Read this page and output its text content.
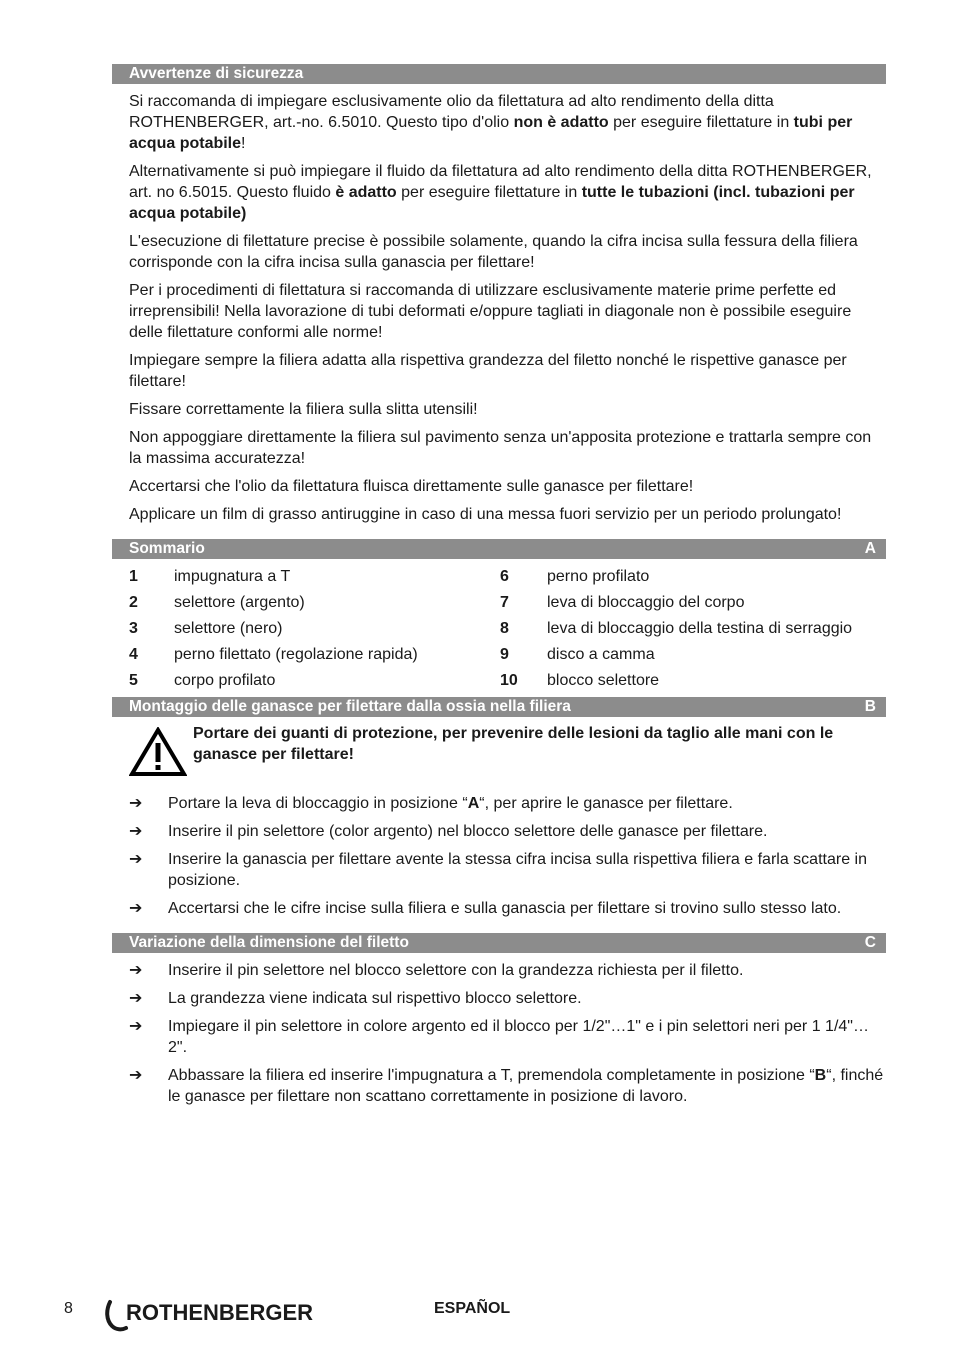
Avvertenze di sicurezza

Si raccomanda di impiegare esclusivamente olio da filettatura ad alto rendimento della ditta ROTHENBERGER, art.-no. 6.5010. Questo tipo d'olio non è adatto per eseguire filettature in tubi per acqua potabile!

Alternativamente si può impiegare il fluido da filettatura ad alto rendimento della ditta ROTHENBERGER, art. no 6.5015. Questo fluido è adatto per eseguire filettature in tutte le tubazioni (incl. tubazioni per acqua potabile)

L'esecuzione di filettature precise è possibile solamente, quando la cifra incisa sulla fessura della filiera corrisponde con la cifra incisa sulla ganascia per filettare!

Per i procedimenti di filettatura si raccomanda di utilizzare esclusivamente materie prime perfette ed irreprensibili! Nella lavorazione di tubi deformati e/oppure tagliati in diagonale non è possibile eseguire delle filettature conformi alle norme!

Impiegare sempre la filiera adatta alla rispettiva grandezza del filetto nonché le rispettive ganasce per filettare!

Fissare correttamente la filiera sulla slitta utensili!

Non appoggiare direttamente la filiera sul pavimento senza un'apposita protezione e trattarla sempre con la massima accuratezza!

Accertarsi che l'olio da filettatura fluisca direttamente sulle ganasce per filettare!

Applicare un film di grasso antiruggine in caso di una messa fuori servizio per un periodo prolungato!

Sommario	A
1	impugnatura a T	6	perno profilato
2	selettore (argento)	7	leva di bloccaggio del corpo
3	selettore (nero)	8	leva di bloccaggio della testina di serraggio
4	perno filettato (regolazione rapida)	9	disco a camma
5	corpo profilato	10	blocco selettore
Montaggio delle ganasce per filettare dalla ossia nella filiera	B
Portare dei guanti di protezione, per prevenire delle lesioni da taglio alle mani con le ganasce per filettare!
➔	Portare la leva di bloccaggio in posizione “A“, per aprire le ganasce per filettare.
➔	Inserire il pin selettore (color argento) nel blocco selettore delle ganasce per filettare.
➔	Inserire la ganascia per filettare avente la stessa cifra incisa sulla rispettiva filiera e farla scattare in posizione.
➔	Accertarsi che le cifre incise sulla filiera e sulla ganascia per filettare si trovino sullo stesso lato.
Variazione della dimensione del filetto	C
➔	Inserire il pin selettore nel blocco selettore con la grandezza richiesta per il filetto.
➔	La grandezza viene indicata sul rispettivo blocco selettore.
➔	Impiegare il pin selettore in colore argento ed il blocco per 1/2"…1" e i pin selettori neri per 1 1/4"…2".
➔	Abbassare la filiera ed inserire l'impugnatura a T, premendola completamente in posizione “B“, finché le ganasce per filettare non scattano correttamente in posizione di lavoro.
8 ROTHENBERGER	ESPAÑOL
